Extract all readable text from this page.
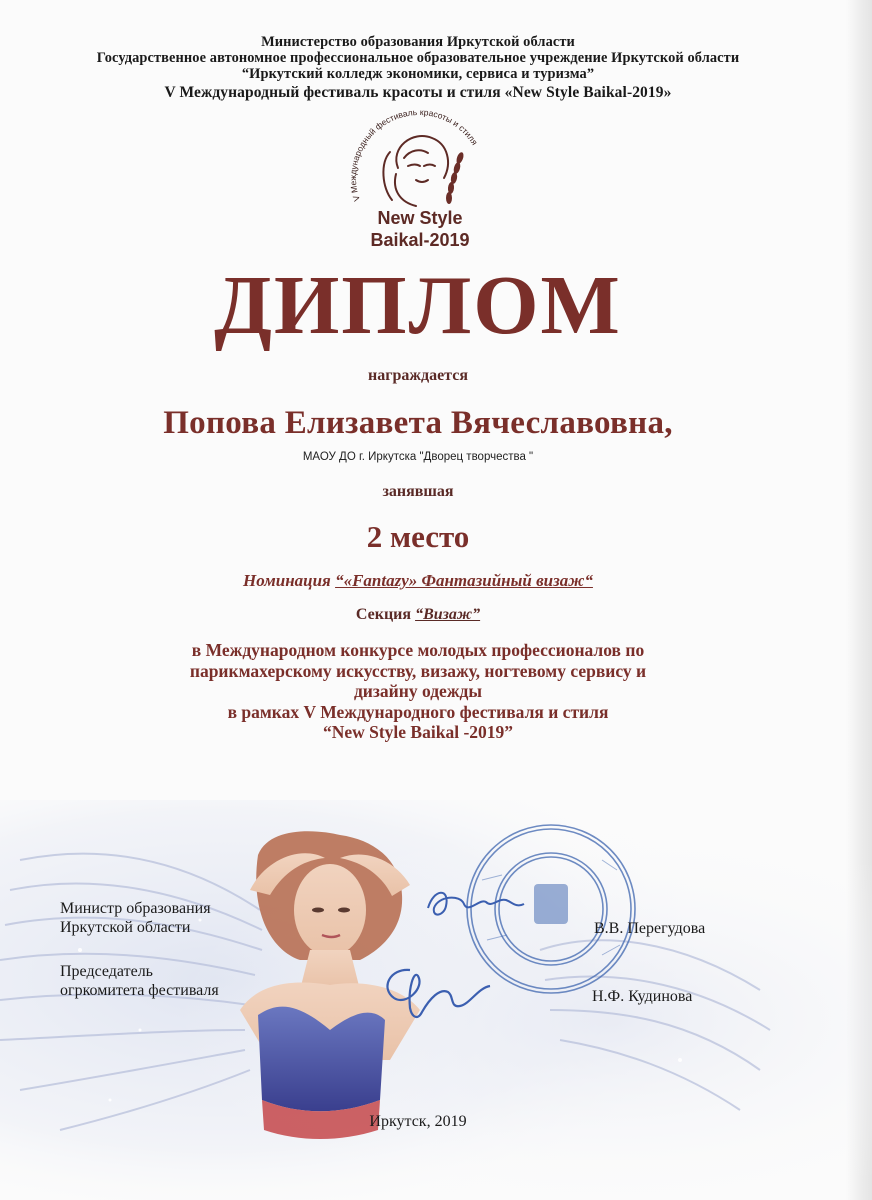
Министерство образования Иркутской области
Государственное автономное профессиональное образовательное учреждение Иркутской области
“Иркутский колледж экономики, сервиса и туризма”
V Международный фестиваль красоты и стиля «New Style Baikal-2019»
V Международный фестиваль красоты и стиля
New Style
Baikal-2019
ДИПЛОМ
награждается
Попова Елизавета Вячеславовна,
МАОУ ДО г. Иркутска "Дворец творчества "
занявшая
2 место
Номинация “«Fantazy» Фантазийный визаж“
Секция “Визаж”
в Международном конкурсе молодых профессионалов по
парикмахерскому искусству, визажу, ногтевому сервису и
дизайну одежды
в рамках V Международного фестиваля и стиля
“New Style Baikal -2019”
Министр образования
Иркутской области	В.В. Перегудова
Председатель
огркомитета фестиваля	Н.Ф. Кудинова
Иркутск, 2019
